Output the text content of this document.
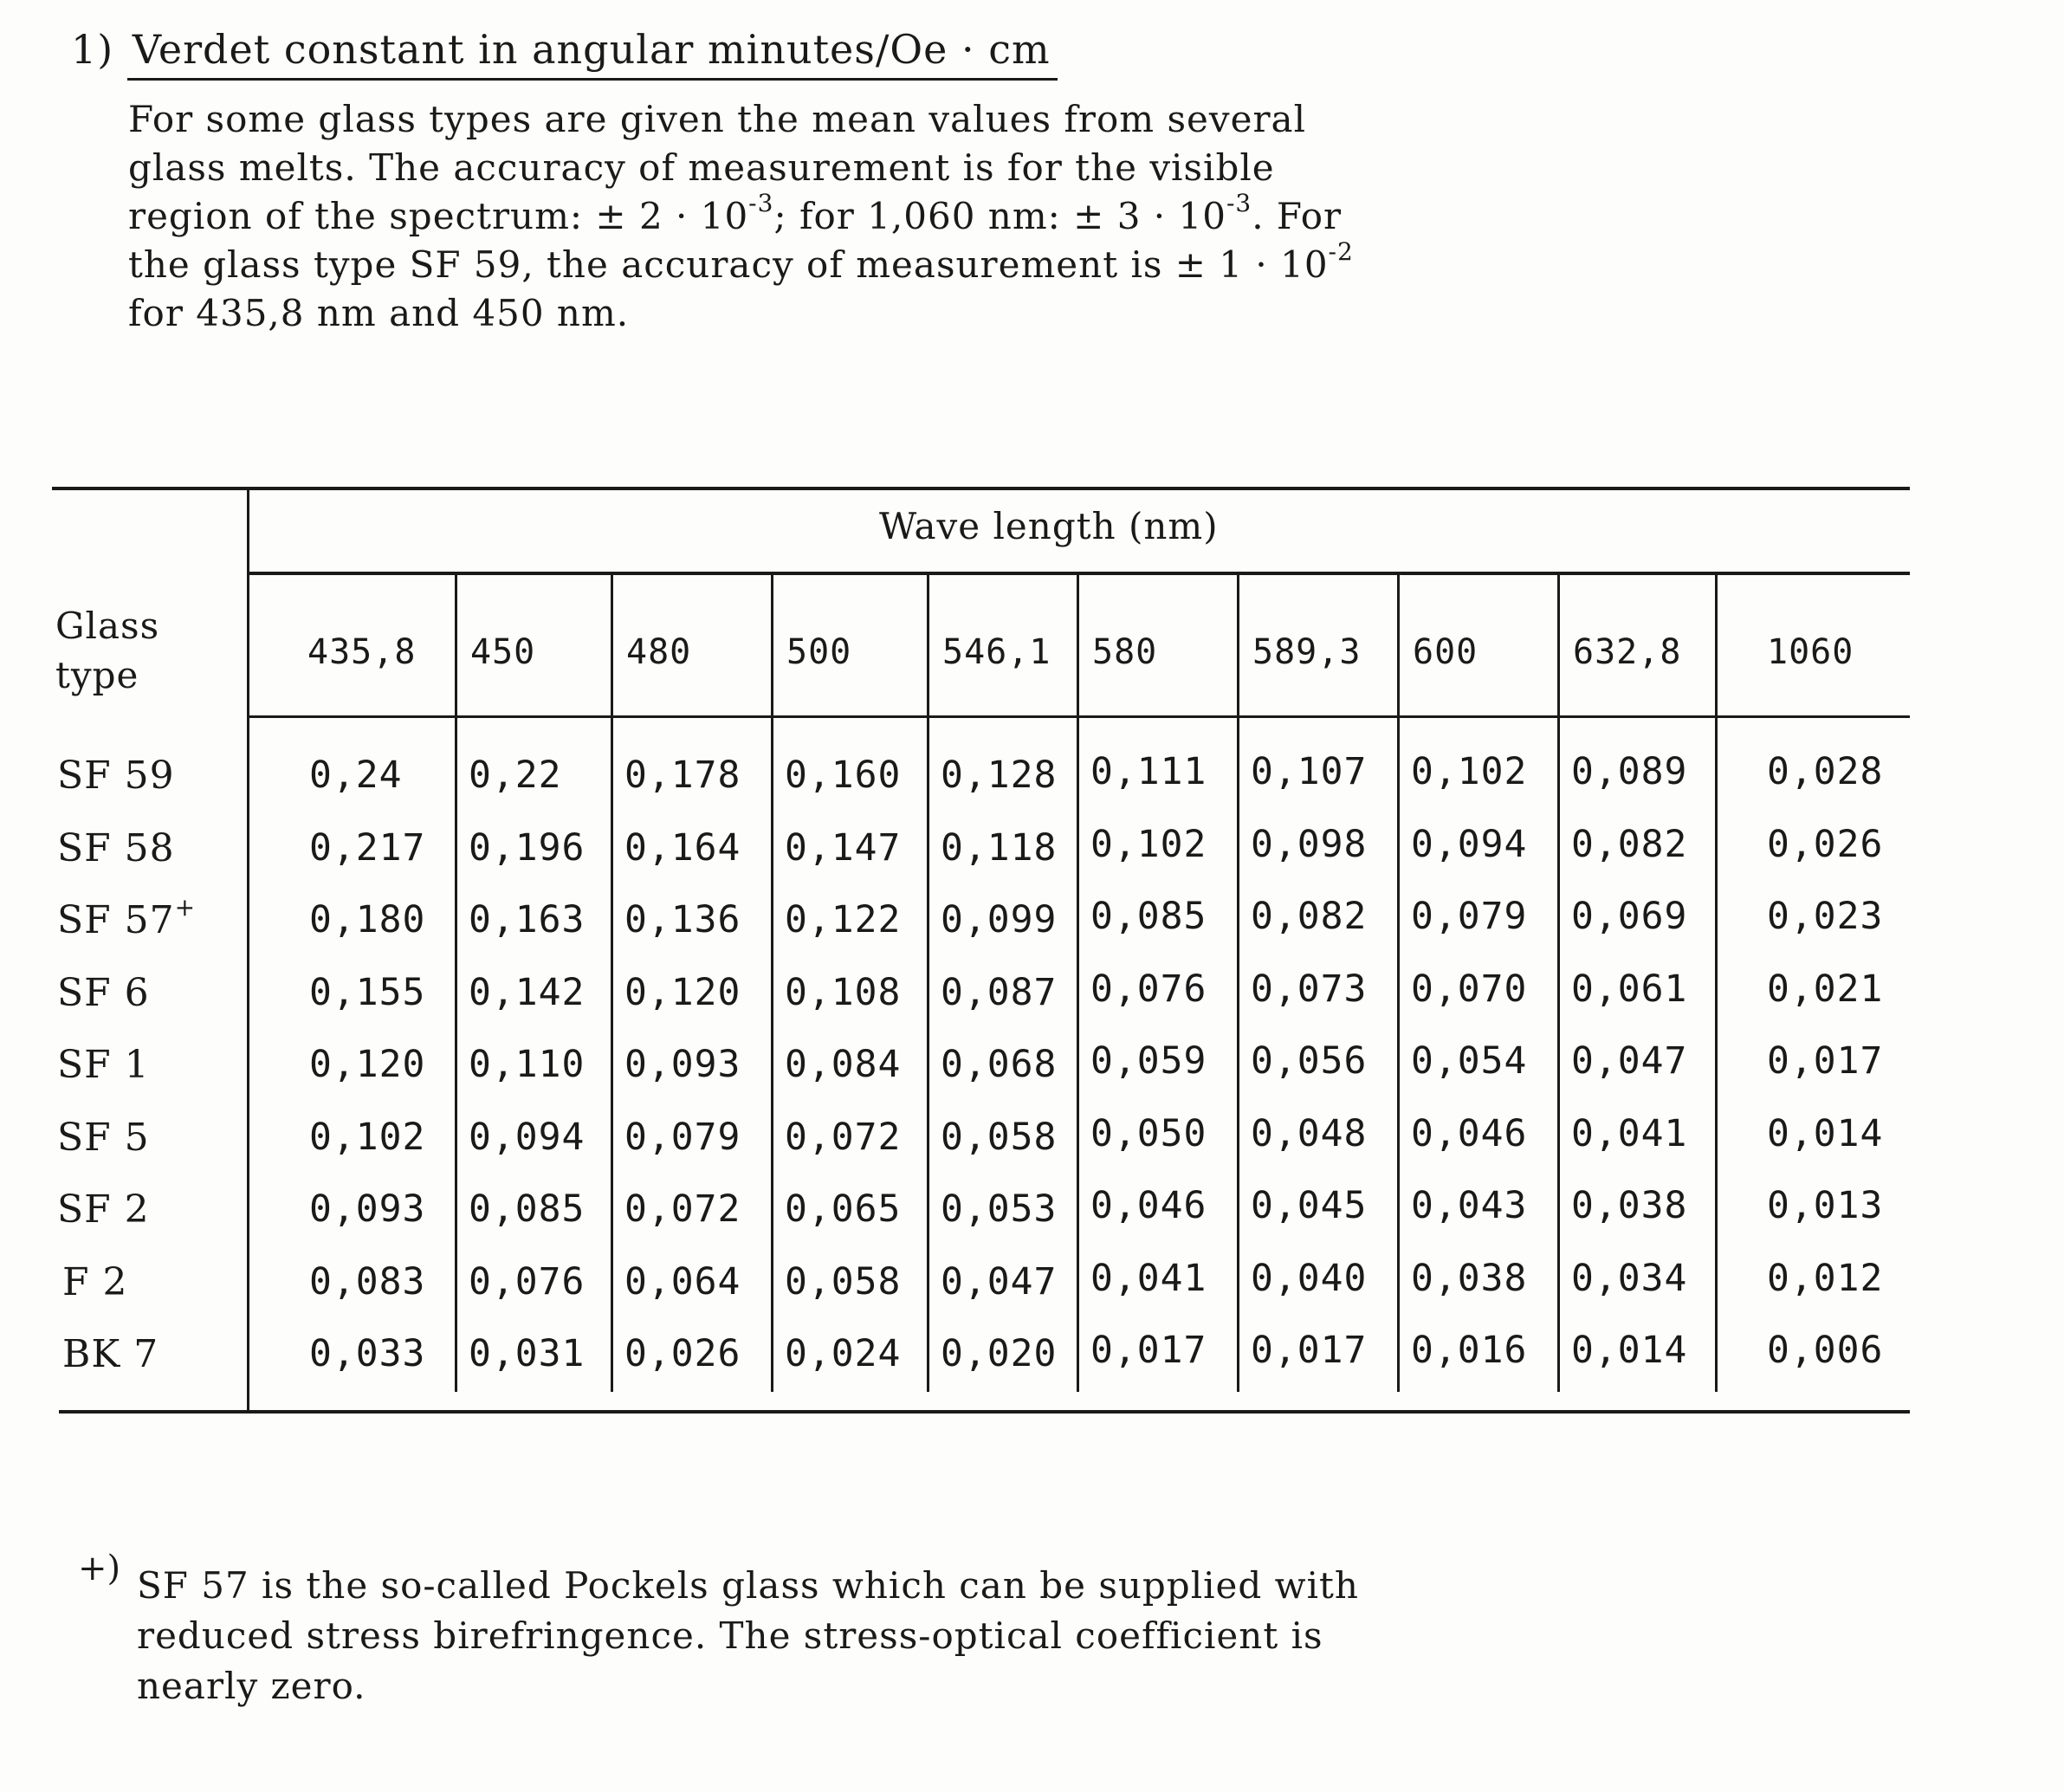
1) Verdet constant in angular minutes/Oe · cm
For some glass types are given the mean values from several
glass melts. The accuracy of measurement is for the visible
region of the spectrum: ± $2 \cdot 10^{-3}$; for 1,060 nm: ± $3 \cdot 10^{-3}$. For
the glass type SF 59, the accuracy of measurement is ± $1 \cdot 10^{-2}$
for 435,8 nm and 450 nm.
Wave length (nm)
Glass
type
435,8 450	480	500	546,1 580	589,3 600	632,8 1060
SF 59	0,24 0,22 0,178 0,160 0,128 0,111 0,107 0,102 0,089 0,028
SF 58	0,217 0,196 0,164 0,147 0,118 0,102 0,098 0,094 0,082 0,026
SF 57+	0,180 0,163 0,136 0,122 0,099 0,085 0,082 0,079 0,069 0,023
SF 6	0,155 0,142 0,120 0,108 0,087 0,076 0,073 0,070 0,061 0,021
SF 1	0,120 0,110 0,093 0,084 0,068 0,059 0,056 0,054 0,047 0,017
SF 5	0,102 0,094 0,079 0,072 0,058 0,050 0,048 0,046 0,041 0,014
SF 2	0,093 0,085 0,072 0,065 0,053 0,046 0,045 0,043 0,038 0,013
F 2	0,083 0,076 0,064 0,058 0,047 0,041 0,040 0,038 0,034 0,012
BK 7	0,033 0,031 0,026 0,024 0,020 0,017 0,017 0,016 0,014 0,006
+) SF 57 is the so-called Pockels glass which can be supplied with
reduced stress birefringence. The stress-optical coefficient is
nearly zero.
